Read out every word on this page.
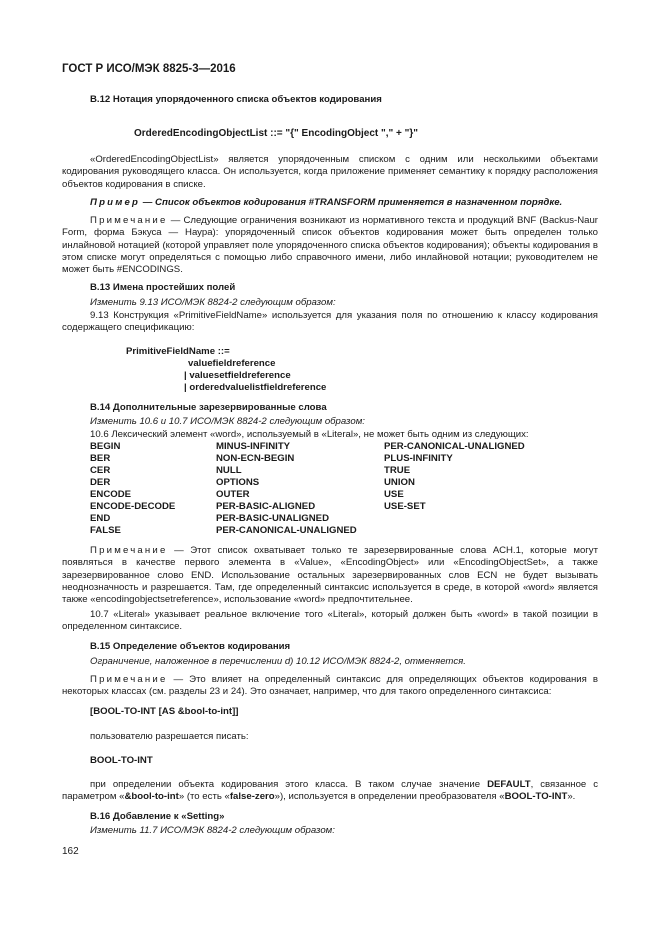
ГОСТ Р ИСО/МЭК 8825-3—2016
В.12 Нотация упорядоченного списка объектов кодирования
OrderedEncodingObjectList ::= "{" EncodingObject "," + "}"
«OrderedEncodingObjectList» является упорядоченным списком с одним или несколькими объектами кодирования руководящего класса. Он используется, когда приложение применяет семантику к порядку расположения объектов кодирования в списке.
Пример — Список объектов кодирования #TRANSFORM применяется в назначенном порядке.
Примечание — Следующие ограничения возникают из нормативного текста и продукций BNF (Backus-Naur Form, форма Бэкуса — Наура): упорядоченный список объектов кодирования может быть определен только инлайновой нотацией (которой управляет поле упорядоченного списка объектов кодирования); объекты кодирования в этом списке могут определяться с помощью либо справочного имени, либо инлайновой нотации; руководителем не может быть #ENCODINGS.
В.13 Имена простейших полей
Изменить 9.13 ИСО/МЭК 8824-2 следующим образом:
9.13 Конструкция «PrimitiveFieldName» используется для указания поля по отношению к классу кодирования содержащего спецификацию:
PrimitiveFieldName ::=
valuefieldreference
| valuesetfieldreference
| orderedvaluelistfieldreference
В.14 Дополнительные зарезервированные слова
Изменить 10.6 и 10.7 ИСО/МЭК 8824-2 следующим образом:
10.6 Лексический элемент «word», используемый в «Literal», не может быть одним из следующих:
BEGIN
BER
CER
DER
ENCODE
ENCODE-DECODE
END
FALSE
MINUS-INFINITY
NON-ECN-BEGIN
NULL
OPTIONS
OUTER
PER-BASIC-ALIGNED
PER-BASIC-UNALIGNED
PER-CANONICAL-UNALIGNED
PER-CANONICAL-UNALIGNED
PLUS-INFINITY
TRUE
UNION
USE
USE-SET
Примечание — Этот список охватывает только те зарезервированные слова АСН.1, которые могут появляться в качестве первого элемента в «Value», «EncodingObject» или «EncodingObjectSet», а также зарезервированное слово END. Использование остальных зарезервированных слов ECN не будет вызывать неоднозначность и разрешается. Там, где определенный синтаксис используется в среде, в которой «word» является также «encodingobjectsetreference», использование «word» предпочтительнее.
10.7 «Literal» указывает реальное включение того «Literal», который должен быть «word» в такой позиции в определенном синтаксисе.
В.15 Определение объектов кодирования
Ограничение, наложенное в перечислении d) 10.12 ИСО/МЭК 8824-2, отменяется.
Примечание — Это влияет на определенный синтаксис для определяющих объектов кодирования в некоторых классах (см. разделы 23 и 24). Это означает, например, что для такого определенного синтаксиса:
[BOOL-TO-INT [AS &bool-to-int]]
пользователю разрешается писать:
BOOL-TO-INT
при определении объекта кодирования этого класса. В таком случае значение DEFAULT, связанное с параметром «&bool-to-int» (то есть «false-zero»), используется в определении преобразователя «BOOL-TO-INT».
В.16 Добавление к «Setting»
Изменить 11.7 ИСО/МЭК 8824-2 следующим образом:
162
